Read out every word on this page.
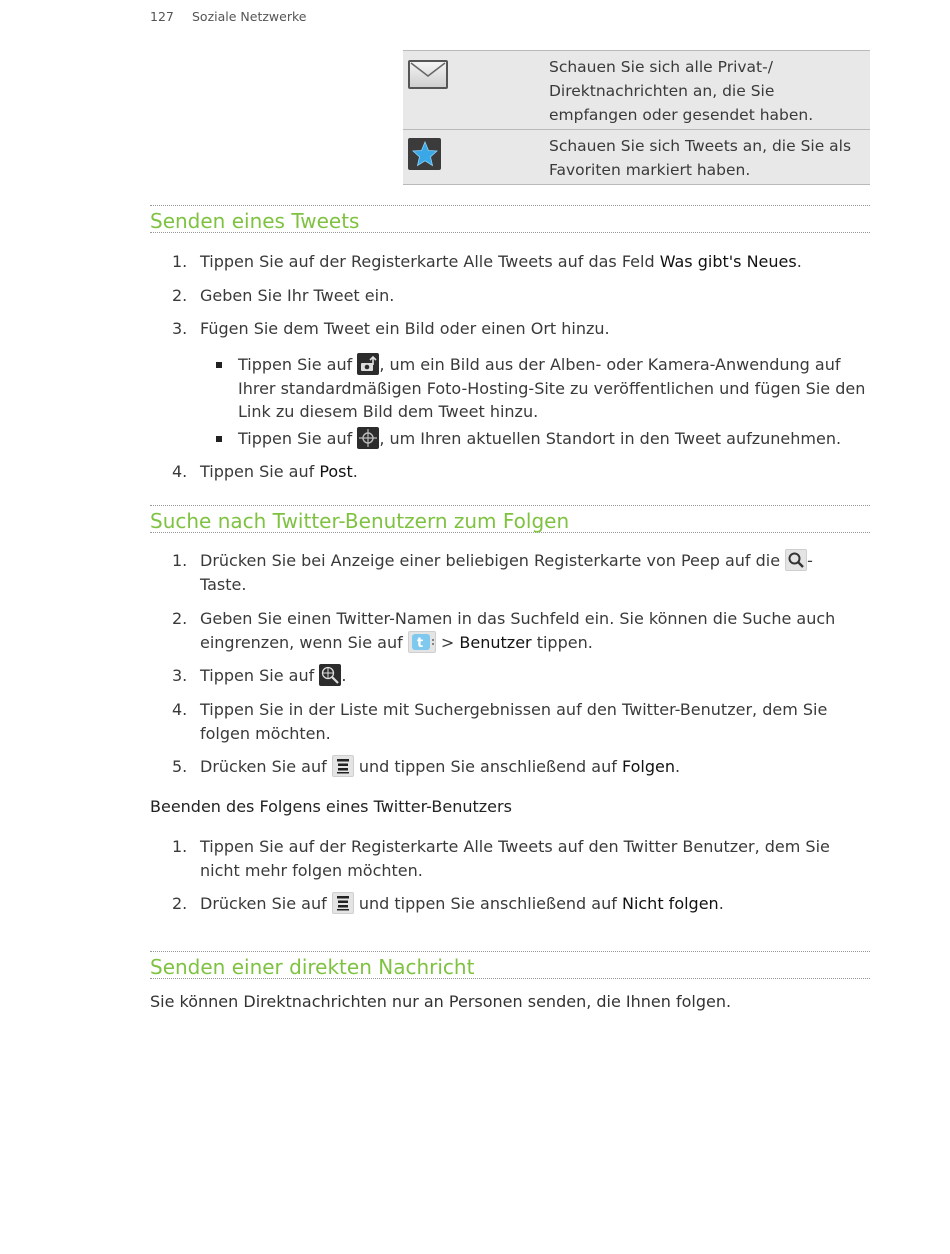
127 Soziale Netzwerke
Schauen Sie sich alle Privat-/ Direktnachrichten an, die Sie empfangen oder gesendet haben.
Schauen Sie sich Tweets an, die Sie als Favoriten markiert haben.
Senden eines Tweets
1. Tippen Sie auf der Registerkarte Alle Tweets auf das Feld Was gibt's Neues.
2. Geben Sie Ihr Tweet ein.
3. Fügen Sie dem Tweet ein Bild oder einen Ort hinzu.
Tippen Sie auf
, um ein Bild aus der Alben- oder Kamera-Anwendung auf Ihrer standardmäßigen Foto-Hosting-Site zu veröffentlichen und fügen Sie den Link zu diesem Bild dem Tweet hinzu.
Tippen Sie auf
, um Ihren aktuellen Standort in den Tweet aufzunehmen.
4. Tippen Sie auf Post.
Suche nach Twitter-Benutzern zum Folgen
1. Drücken Sie bei Anzeige einer beliebigen Registerkarte von Peep auf die
-
Taste.
2. Geben Sie einen Twitter-Namen in das Suchfeld ein. Sie können die Suche auch
eingrenzen, wenn Sie auf t > Benutzer tippen.
3. Tippen Sie auf
.
4. Tippen Sie in der Liste mit Suchergebnissen auf den Twitter-Benutzer, dem Sie
folgen möchten.
5. Drücken Sie auf
und tippen Sie anschließend auf Folgen.
Beenden des Folgens eines Twitter-Benutzers
1. Tippen Sie auf der Registerkarte Alle Tweets auf den Twitter Benutzer, dem Sie
nicht mehr folgen möchten.
2. Drücken Sie auf
und tippen Sie anschließend auf Nicht folgen.
Senden einer direkten Nachricht
Sie können Direktnachrichten nur an Personen senden, die Ihnen folgen.
